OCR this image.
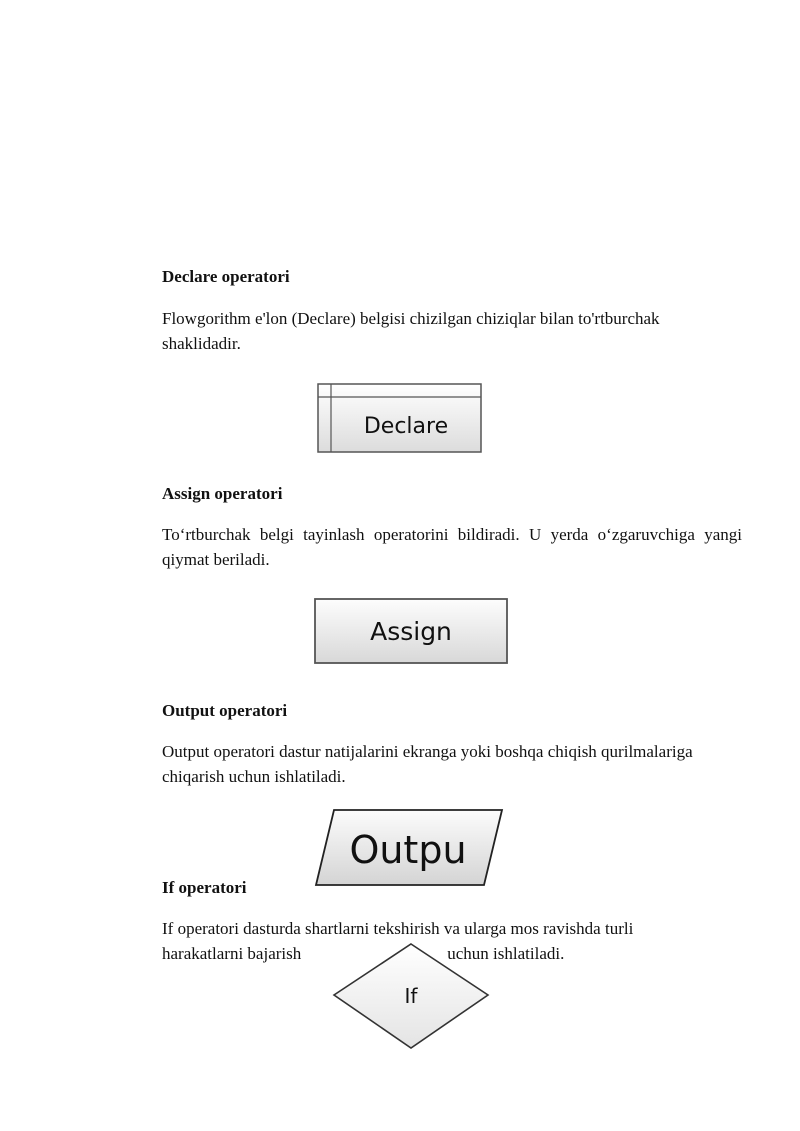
Declare operatori

Flowgorithm e'lon (Declare) belgisi chizilgan chiziqlar bilan to'rtburchak
shaklidadir.

Declare
Assign operatori

To‘rtburchak belgi tayinlash operatorini bildiradi. U yerda o‘zgaruvchiga yangi qiymat beriladi.

Assign
Output operatori

Output operatori dastur natijalarini ekranga yoki boshqa chiqish qurilmalariga
chiqarish uchun ishlatiladi.

Outpu
If operatori

If operatori dasturda shartlarni tekshirish va ularga mos ravishda turli
harakatlarni bajarish	uchun ishlatiladi.

If
